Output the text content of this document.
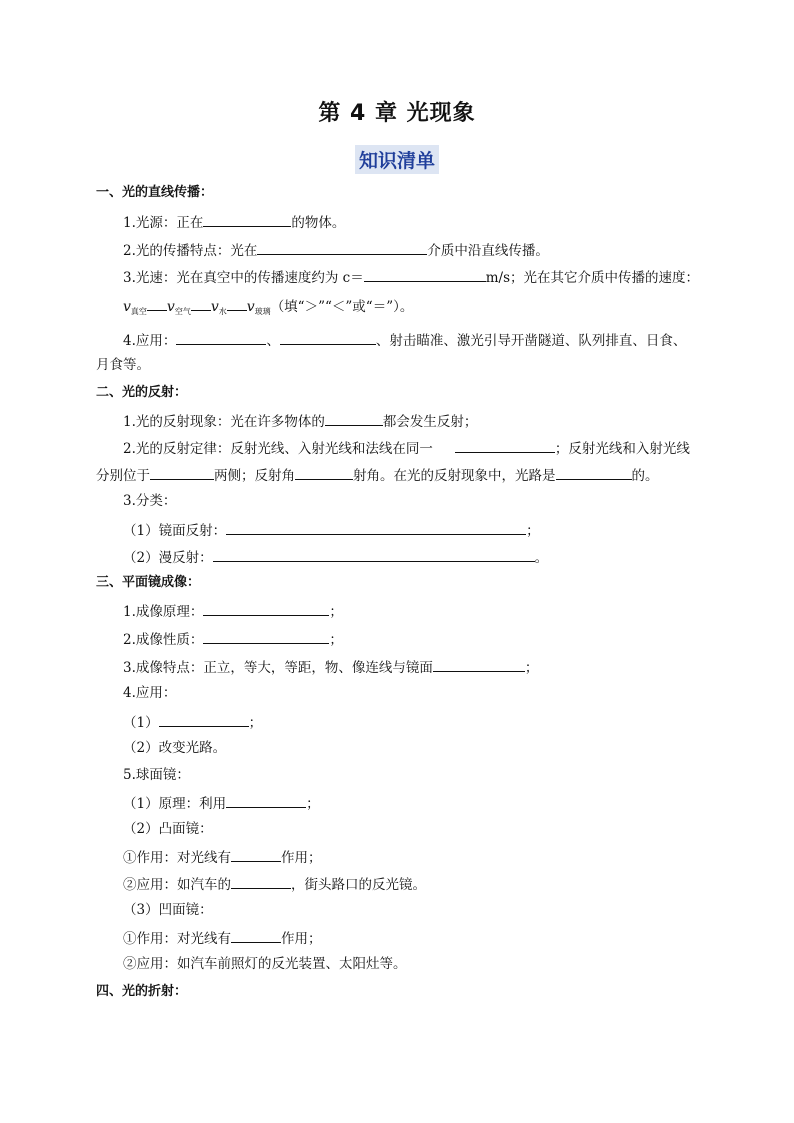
第 4 章 光现象
知识清单
一、光的直线传播：
1.光源：正在	的物体。
2.光的传播特点：光在	介质中沿直线传播。
3.光速：光在真空中的传播速度约为 c＝	m/s；光在其它介质中传播的速度：
$v_{真空}$ $v_{空气}$ $v_水$ $v_{玻璃}$（填“＞”“＜”或“＝”）。
4.应用：	、	、射击瞄准、激光引导开凿隧道、队列排直、日食、
月食等。
二、光的反射：
1.光的反射现象：光在许多物体的	都会发生反射；
2.光的反射定律：反射光线、入射光线和法线在同一	；反射光线和入射光线
分别位于	两侧；反射角	射角。在光的反射现象中，光路是	的。
3.分类：
（1）镜面反射：	；
（2）漫反射：	。
三、平面镜成像：
1.成像原理：	；
2.成像性质：	；
3.成像特点：正立，等大，等距，物、像连线与镜面	；
4.应用：
（1）	；
（2）改变光路。
5.球面镜：
（1）原理：利用	；
（2）凸面镜：
①作用：对光线有	作用；
②应用：如汽车的	，街头路口的反光镜。
（3）凹面镜：
①作用：对光线有	作用；
②应用：如汽车前照灯的反光装置、太阳灶等。
四、光的折射：
